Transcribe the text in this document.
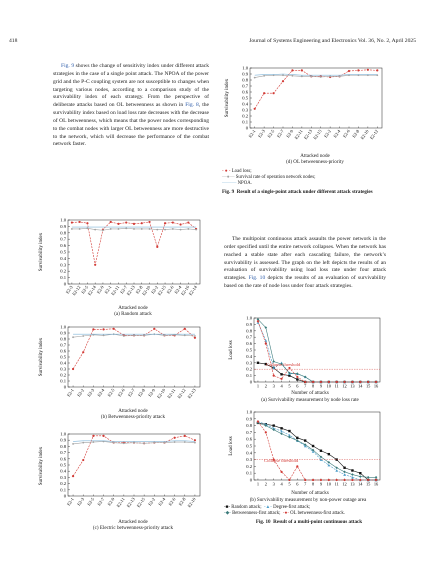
418	Journal of Systems Engineering and Electronics Vol. 36, No. 2, April 2025
Fig. 9 shows the change of sensitivity index under different attack strategies in the case of a single point attack. The NPOA of the power grid and the P-C coupling system are not susceptible to changes when targeting various nodes, according to a comparison study of the survivability index of each strategy. From the perspective of deliberate attacks based on OL betweenness as shown in Fig. 8, the survivability index based on load loss rate decreases with the decrease of OL betweenness, which means that the power nodes corresponding to the combat nodes with larger OL betweenness are more destructive to the network, which will decrease the performance of the combat network faster.
The multipoint continuous attack assaults the power network in the order specified until the entire network collapses. When the network has reached a stable state after each cascading failure, the network’s survivability is assessed. The graph on the left depicts the results of an evaluation of survivability using load loss rate under four attack strategies. Fig. 10 depicts the results of an evaluation of survivability based on the rate of node loss under four attack strategies.
0
0.1
0.2
0.3
0.4
0.5
0.6
0.7
0.8
0.9
1.0
E2-1 E2-3 E2-5 E2-7 E2-9 E2-11 E2-13 E2-15 E2-2 E2-4 E2-6 E2-8 E2-10 E2-12
Survivability index
Attacked node
(d) OL betweenness-priority
- ● - Load loss;
—●— Survival rate of operation network nodes;
——— NPOA.
Fig. 9 Result of a single-point attack under different attack strategies
0
0.1
0.2
0.3
0.4
0.5
0.6
0.7
0.8
0.9
1.0
E2-3
E2-12
E2-5
E2-14
E2-9
E2-1
E2-11
E2-7
E2-13
E2-8
E2-10
E2-2
E2-15
E2-6
E2-4
E2-16
E2-14
Survivability index
Attacked node
(a) Random attack
0
0.1
0.2
0.3
0.4
0.5
0.6
0.7
0.8
0.9
1.0
E2-1 E2-2 E2-3 E2-4 E2-5 E2-6 E2-7 E2-8 E2-9 E2-10 E2-11 E2-12 E2-13
Survivability index
Attacked node
(b) Betweenness-priority attack
0
0.1
0.2
0.3
0.4
0.5
0.6
0.7
0.8
0.9
1.0
E2-1 E2-3 E2-5 E2-7 E2-9 E2-11 E2-13 E2-15 E2-2 E2-4 E2-6 E2-8 E2-10
Survivability index
Attacked node
(c) Electric betweenness-priority attack
0
0.1
0.2
0.3
0.4
0.5
0.6
0.7
0.8
0.9
1.0
1 2 3 4 5 6 7 8 9 10 11 12 13 14 15 16
Load loss
Collapse threshold
Number of attacks
(a) Survivability measurement by node loss rate
0
0.1
0.2
0.3
0.4
0.5
0.6
0.7
0.8
0.9
1.0
1 2 3 4 5 6 7 8 9 10 11 12 13 14 15 16
Load loss
Collapse threshold
Number of attacks
(b) Survivability measurement by non-power outage area
-■- Random attack; -▲- Degree-first attack;
-◆- Betweenness-first attack; -●- OL betweenness-first attack.
Fig. 10 Result of a multi-point continuous attack
